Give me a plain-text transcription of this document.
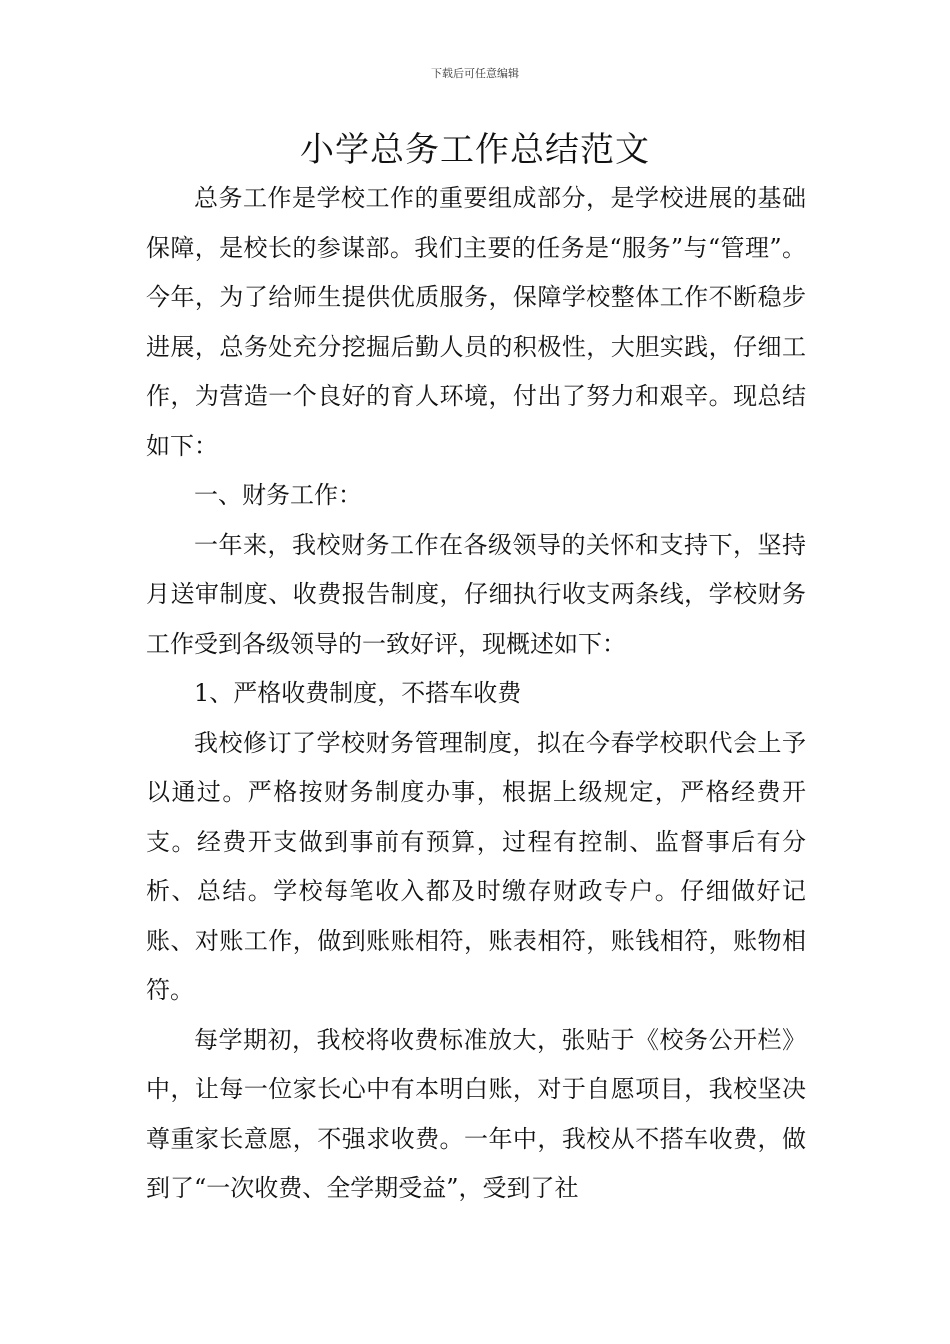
下载后可任意编辑
小学总务工作总结范文

总务工作是学校工作的重要组成部分，是学校进展的基础保障，是校长的参谋部。我们主要的任务是“服务”与“管理”。今年，为了给师生提供优质服务，保障学校整体工作不断稳步进展，总务处充分挖掘后勤人员的积极性，大胆实践，仔细工作，为营造一个良好的育人环境，付出了努力和艰辛。现总结如下：

一、财务工作：

一年来，我校财务工作在各级领导的关怀和支持下，坚持月送审制度、收费报告制度，仔细执行收支两条线，学校财务工作受到各级领导的一致好评，现概述如下：

1、严格收费制度，不搭车收费

我校修订了学校财务管理制度，拟在今春学校职代会上予以通过。严格按财务制度办事，根据上级规定，严格经费开支。经费开支做到事前有预算，过程有控制、监督事后有分析、总结。学校每笔收入都及时缴存财政专户。仔细做好记账、对账工作，做到账账相符，账表相符，账钱相符，账物相符。

每学期初，我校将收费标准放大，张贴于《校务公开栏》中，让每一位家长心中有本明白账，对于自愿项目，我校坚决尊重家长意愿，不强求收费。一年中，我校从不搭车收费，做到了“一次收费、全学期受益”，受到了社
